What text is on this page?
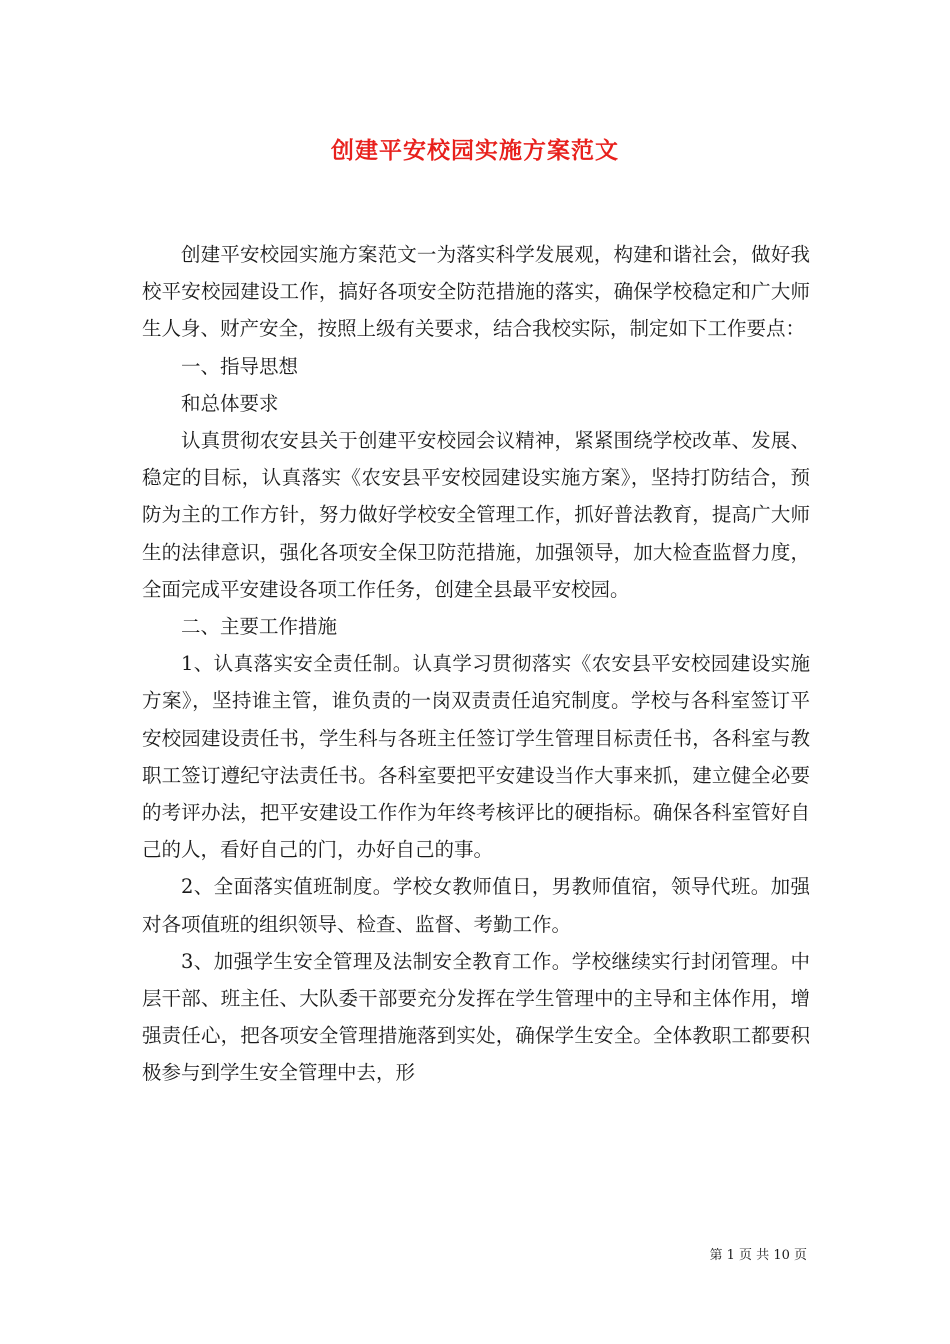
创建平安校园实施方案范文

创建平安校园实施方案范文一为落实科学发展观，构建和谐社会，做好我校平安校园建设工作，搞好各项安全防范措施的落实，确保学校稳定和广大师生人身、财产安全，按照上级有关要求，结合我校实际，制定如下工作要点：

一、指导思想

和总体要求

认真贯彻农安县关于创建平安校园会议精神，紧紧围绕学校改革、发展、稳定的目标，认真落实《农安县平安校园建设实施方案》，坚持打防结合，预防为主的工作方针，努力做好学校安全管理工作，抓好普法教育，提高广大师生的法律意识，强化各项安全保卫防范措施，加强领导，加大检查监督力度，全面完成平安建设各项工作任务，创建全县最平安校园。

二、主要工作措施

1、认真落实安全责任制。认真学习贯彻落实《农安县平安校园建设实施方案》，坚持谁主管，谁负责的一岗双责责任追究制度。学校与各科室签订平安校园建设责任书，学生科与各班主任签订学生管理目标责任书，各科室与教职工签订遵纪守法责任书。各科室要把平安建设当作大事来抓，建立健全必要的考评办法，把平安建设工作作为年终考核评比的硬指标。确保各科室管好自己的人，看好自己的门，办好自己的事。

2、全面落实值班制度。学校女教师值日，男教师值宿，领导代班。加强对各项值班的组织领导、检查、监督、考勤工作。

3、加强学生安全管理及法制安全教育工作。学校继续实行封闭管理。中层干部、班主任、大队委干部要充分发挥在学生管理中的主导和主体作用，增强责任心，把各项安全管理措施落到实处，确保学生安全。全体教职工都要积极参与到学生安全管理中去，形

第 1 页 共 10 页
